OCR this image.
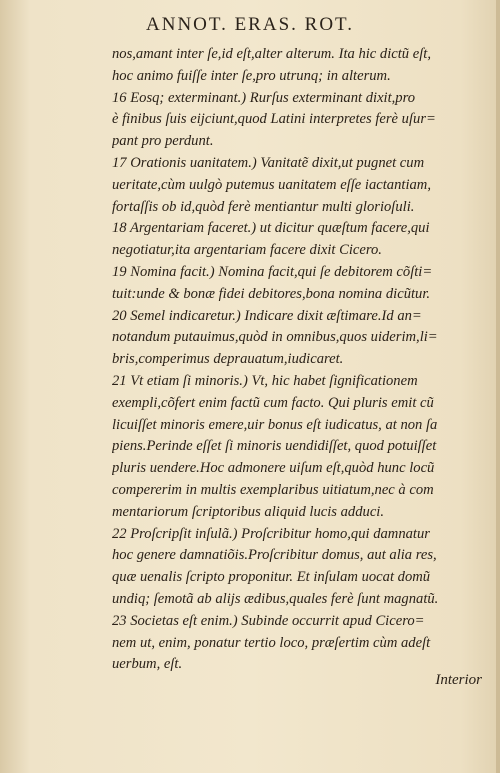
ANNOT. ERAS. ROT.
nos,amant inter ſe,id eſt,alter alterum. Ita hic dictũ eſt,
hoc animo fuiſſe inter ſe,pro utrunq; in alterum.
16 Eosq; exterminant.) Rurſus exterminant dixit,pro
è finibus ſuis eijciunt,quod Latini interpretes ferè uſur=
pant pro perdunt.
17 Orationis uanitatem.) Vanitatẽ dixit,ut pugnet cum
ueritate,cùm uulgò putemus uanitatem eſſe iactantiam,
fortaſſis ob id,quòd ferè mentiantur multi glorioſuli.
18 Argentariam faceret.) ut dicitur quæſtum facere,qui
negotiatur,ita argentariam facere dixit Cicero.
19 Nomina facit.) Nomina facit,qui ſe debitorem cõſti=
tuit:unde & bonæ fidei debitores,bona nomina dicũtur.
20 Semel indicaretur.) Indicare dixit æſtimare.Id an=
notandum putauimus,quòd in omnibus,quos uiderim,li=
bris,comperimus deprauatum,iudicaret.
21 Vt etiam ſi minoris.) Vt, hic habet ſignificationem
exempli,cõfert enim factũ cum facto. Qui pluris emit cũ
licuiſſet minoris emere,uir bonus eſt iudicatus, at non ſa
piens.Perinde eſſet ſi minoris uendidiſſet, quod potuiſſet
pluris uendere.Hoc admonere uiſum eſt,quòd hunc locũ
compererim in multis exemplaribus uitiatum,nec à com
mentariorum ſcriptoribus aliquid lucis adduci.
22 Proſcripſit inſulã.) Proſcribitur homo,qui damnatur
hoc genere damnatiõis.Proſcribitur domus, aut alia res,
quæ uenalis ſcripto proponitur. Et inſulam uocat domũ
undiq; ſemotã ab alijs ædibus,quales ferè ſunt magnatũ.
23 Societas eſt enim.) Subinde occurrit apud Cicero=
nem ut, enim, ponatur tertio loco, præſertim cùm adeſt
uerbum, eſt.
Interior
